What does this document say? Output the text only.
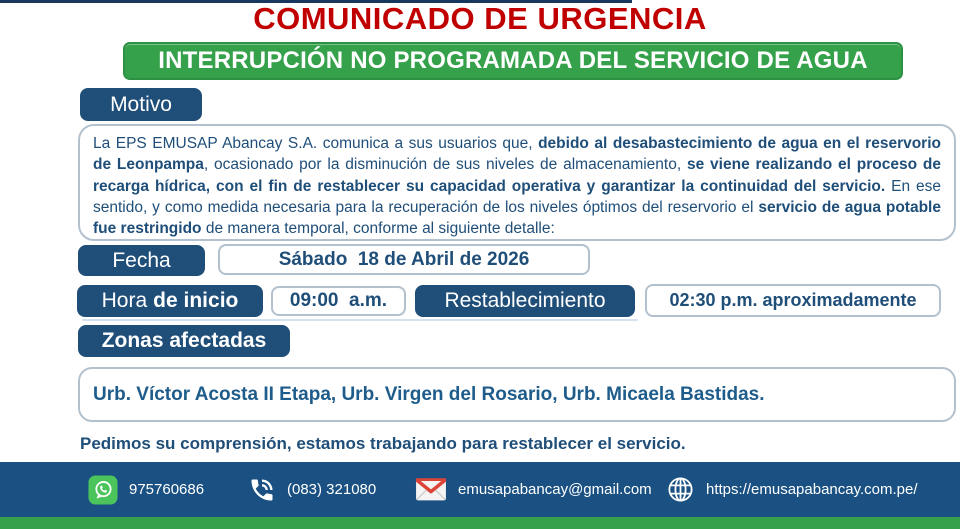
COMUNICADO DE URGENCIA
INTERRUPCIÓN NO PROGRAMADA DEL SERVICIO DE AGUA
Motivo
La EPS EMUSAP Abancay S.A. comunica a sus usuarios que, debido al desabastecimiento de agua en el reservorio de Leonpampa, ocasionado por la disminución de sus niveles de almacenamiento, se viene realizando el proceso de recarga hídrica, con el fin de restablecer su capacidad operativa y garantizar la continuidad del servicio. En ese sentido, y como medida necesaria para la recuperación de los niveles óptimos del reservorio el servicio de agua potable fue restringido de manera temporal, conforme al siguiente detalle:
Fecha	Sábado  18 de Abril de 2026
Hora de inicio	09:00  a.m.	Restablecimiento	02:30 p.m. aproximadamente
Zonas afectadas
Urb. Víctor Acosta II Etapa, Urb. Virgen del Rosario, Urb. Micaela Bastidas.
Pedimos su comprensión, estamos trabajando para restablecer el servicio.
975760686	(083) 321080	emusapabancay@gmail.com	https://emusapabancay.com.pe/
